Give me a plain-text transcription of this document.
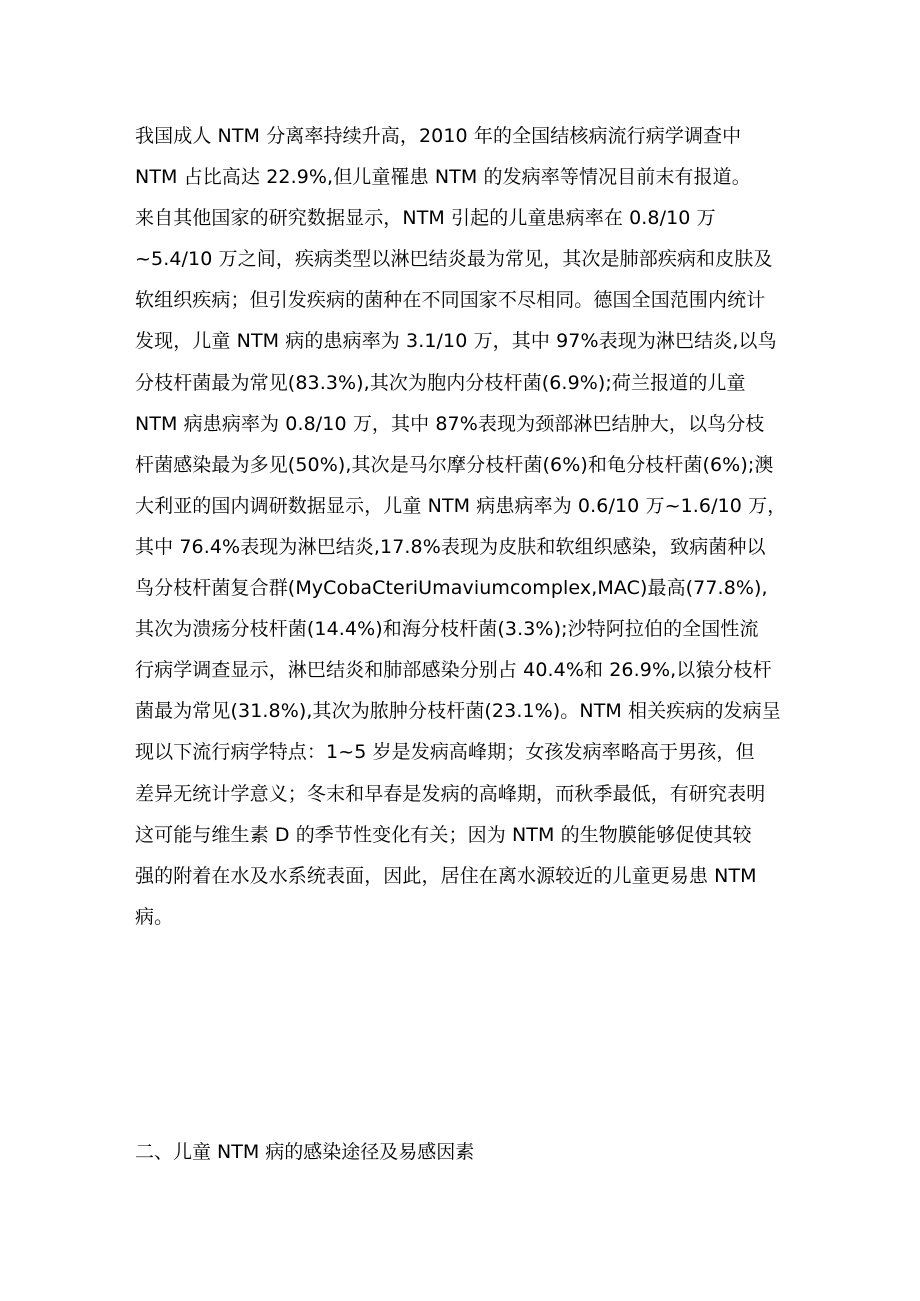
我国成人 NTM 分离率持续升高，2010 年的全国结核病流行病学调查中
NTM 占比高达 22.9%,但儿童罹患 NTM 的发病率等情况目前末有报道。
来自其他国家的研究数据显示，NTM 引起的儿童患病率在 0.8/10 万
~5.4/10 万之间，疾病类型以淋巴结炎最为常见，其次是肺部疾病和皮肤及
软组织疾病；但引发疾病的菌种在不同国家不尽相同。德国全国范围内统计
发现，儿童 NTM 病的患病率为 3.1/10 万，其中 97%表现为淋巴结炎,以鸟
分枝杆菌最为常见(83.3%),其次为胞内分枝杆菌(6.9%);荷兰报道的儿童
NTM 病患病率为 0.8/10 万，其中 87%表现为颈部淋巴结肿大，以鸟分枝
杆菌感染最为多见(50%),其次是马尔摩分枝杆菌(6%)和龟分枝杆菌(6%);澳
大利亚的国内调研数据显示，儿童 NTM 病患病率为 0.6/10 万~1.6/10 万，
其中 76.4%表现为淋巴结炎,17.8%表现为皮肤和软组织感染，致病菌种以
鸟分枝杆菌复合群(MyCobaCteriUmaviumcomplex,MAC)最高(77.8%),
其次为溃疡分枝杆菌(14.4%)和海分枝杆菌(3.3%);沙特阿拉伯的全国性流
行病学调查显示，淋巴结炎和肺部感染分别占 40.4%和 26.9%,以猿分枝杆
菌最为常见(31.8%),其次为脓肿分枝杆菌(23.1%)。NTM 相关疾病的发病呈
现以下流行病学特点：1~5 岁是发病高峰期；女孩发病率略高于男孩，但
差异无统计学意义；冬末和早春是发病的高峰期，而秋季最低，有研究表明
这可能与维生素 D 的季节性变化有关；因为 NTM 的生物膜能够促使其较
强的附着在水及水系统表面，因此，居住在离水源较近的儿童更易患 NTM
病。
二、儿童 NTM 病的感染途径及易感因素
